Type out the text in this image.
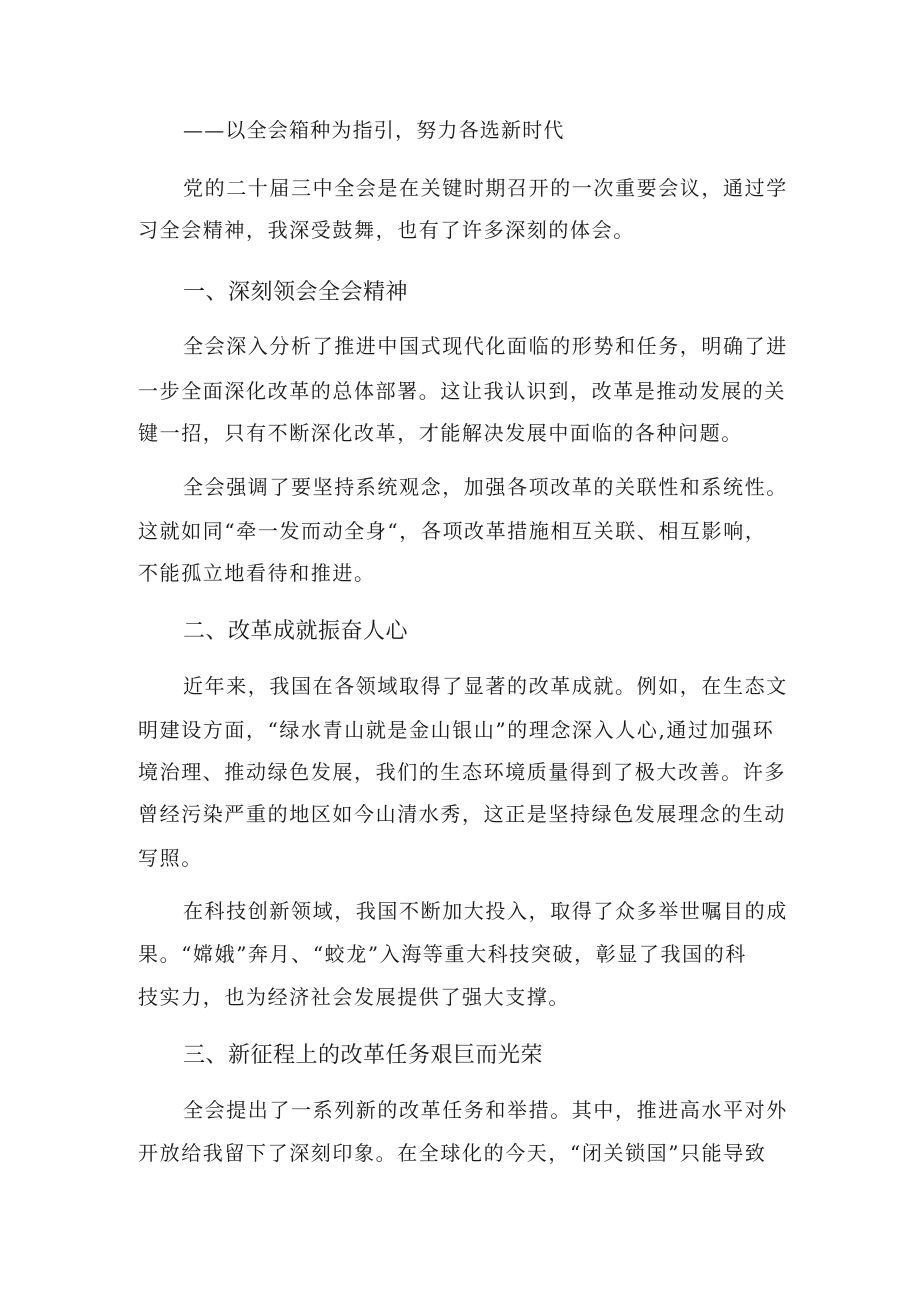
——以全会箱种为指引，努力各选新时代
党的二十届三中全会是在关键时期召开的一次重要会议，通过学
习全会精神，我深受鼓舞，也有了许多深刻的体会。
一、深刻领会全会精神
全会深入分析了推进中国式现代化面临的形势和任务，明确了进
一步全面深化改革的总体部署。这让我认识到，改革是推动发展的关
键一招，只有不断深化改革，才能解决发展中面临的各种问题。
全会强调了要坚持系统观念，加强各项改革的关联性和系统性。
这就如同“牵一发而动全身“，各项改革措施相互关联、相互影响，
不能孤立地看待和推进。
二、改革成就振奋人心
近年来，我国在各领域取得了显著的改革成就。例如，在生态文
明建设方面，“绿水青山就是金山银山”的理念深入人心,通过加强环
境治理、推动绿色发展，我们的生态环境质量得到了极大改善。许多
曾经污染严重的地区如今山清水秀，这正是坚持绿色发展理念的生动
写照。
在科技创新领域，我国不断加大投入，取得了众多举世嘱目的成
果。“嫦娥”奔月、“蛟龙”入海等重大科技突破，彰显了我国的科
技实力，也为经济社会发展提供了强大支撑。
三、新征程上的改革任务艰巨而光荣
全会提出了一系列新的改革任务和举措。其中，推进高水平对外
开放给我留下了深刻印象。在全球化的今天，“闭关锁国”只能导致
